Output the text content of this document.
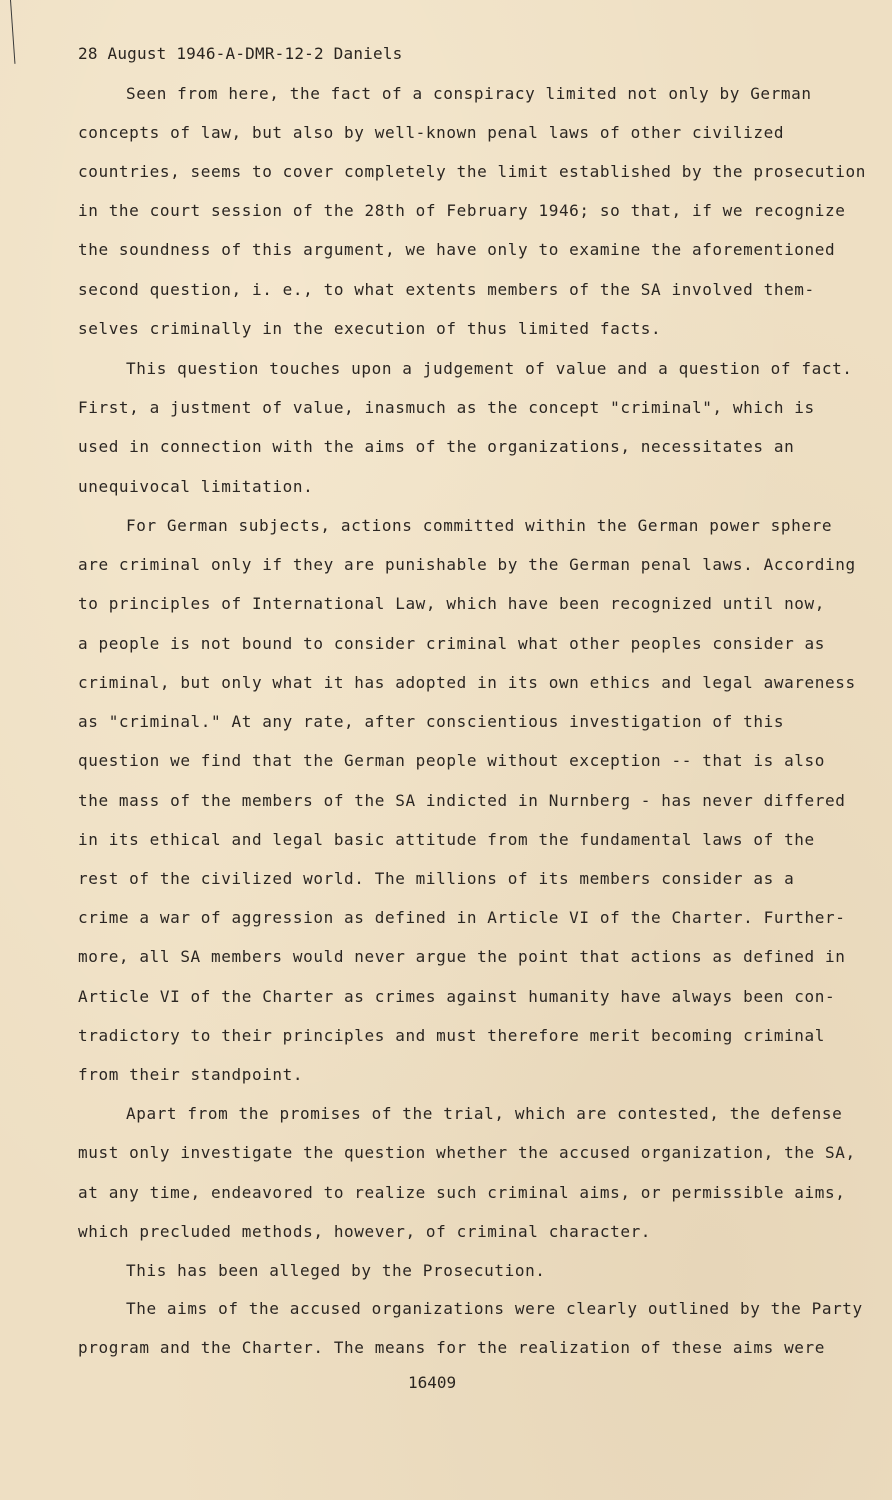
28 August 1946-A-DMR-12-2 Daniels
Seen from here, the fact of a conspiracy limited not only by German
concepts of law, but also by well-known penal laws of other civilized
countries, seems to cover completely the limit established by the prosecution
in the court session of the 28th of February 1946; so that, if we recognize
the soundness of this argument, we have only to examine the aforementioned
second question, i. e., to what extents members of the SA involved them-
selves criminally in the execution of thus limited facts.
This question touches upon a judgement of value and a question of fact.
First, a justment of value, inasmuch as the concept "criminal", which is
used in connection with the aims of the organizations, necessitates an
unequivocal limitation.
For German subjects, actions committed within the German power sphere
are criminal only if they are punishable by the German penal laws. According
to principles of International Law, which have been recognized until now,
a people is not bound to consider criminal what other peoples consider as
criminal, but only what it has adopted in its own ethics and legal awareness
as "criminal." At any rate, after conscientious investigation of this
question we find that the German people without exception -- that is also
the mass of the members of the SA indicted in Nurnberg - has never differed
in its ethical and legal basic attitude from the fundamental laws of the
rest of the civilized world. The millions of its members consider as a
crime a war of aggression as defined in Article VI of the Charter. Further-
more, all SA members would never argue the point that actions as defined in
Article VI of the Charter as crimes against humanity have always been con-
tradictory to their principles and must therefore merit becoming criminal
from their standpoint.
Apart from the promises of the trial, which are contested, the defense
must only investigate the question whether the accused organization, the SA,
at any time, endeavored to realize such criminal aims, or permissible aims,
which precluded methods, however, of criminal character.
This has been alleged by the Prosecution.
The aims of the accused organizations were clearly outlined by the Party
program and the Charter. The means for the realization of these aims were
16409
